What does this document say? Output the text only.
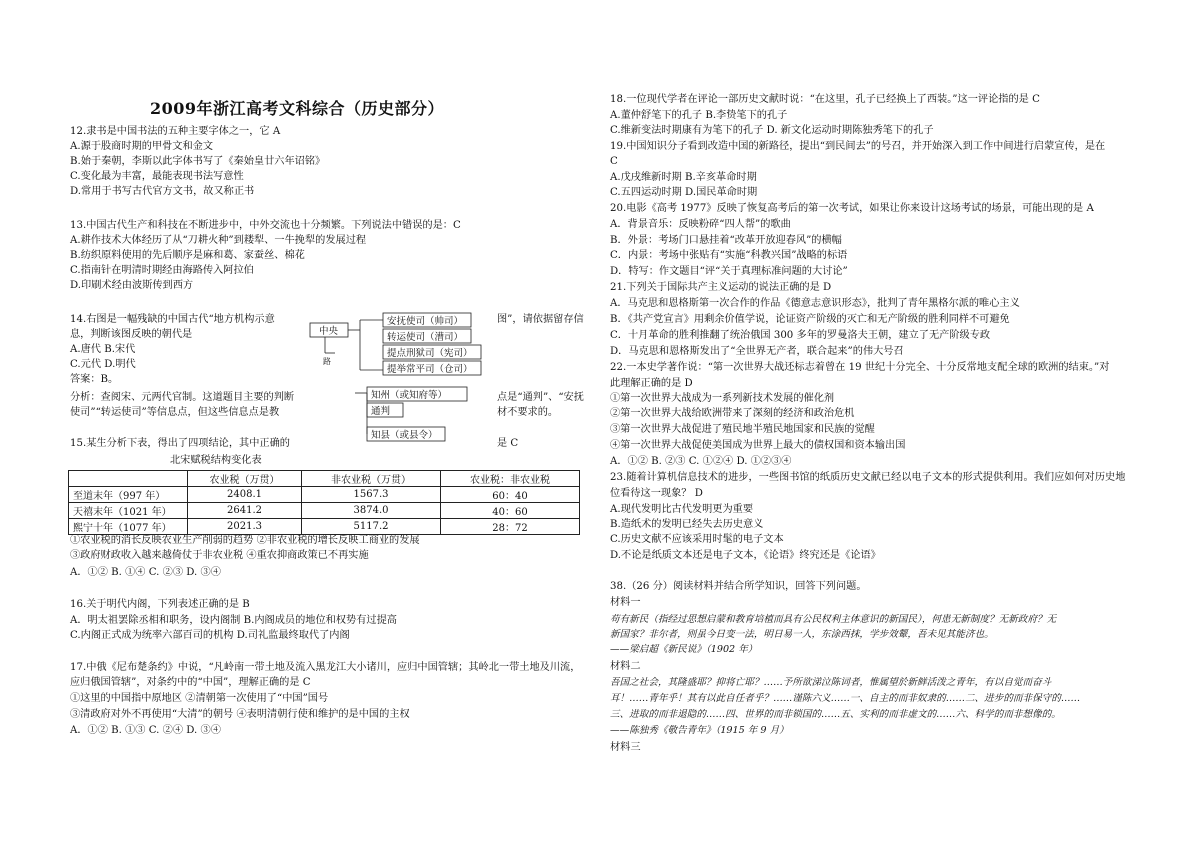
2009年浙江高考文科综合（历史部分）
12.隶书是中国书法的五种主要字体之一，它 A
A.源于股商时期的甲骨文和金文
B.始于秦朝，李斯以此字体书写了《秦始皇廿六年诏铭》
C.变化最为丰富，最能表现书法写意性
D.常用于书写古代官方文书，故又称正书
13.中国古代生产和科技在不断进步中，中外交流也十分频繁。下列说法中错误的是：C
A.耕作技术大体经历了从“刀耕火种”到耧犁、一牛挽犁的发展过程
B.纺织原料使用的先后顺序是麻和葛、家蚕丝、棉花
C.指南针在明清时期经由海路传入阿拉伯
D.印刷术经由波斯传到西方
14.右图是一幅残缺的中国古代“地方机构示意
息，判断该图反映的朝代是
A.唐代 B.宋代
C.元代 D.明代
答案：B。
分析：查阅宋、元两代官制。这道题目主要的判断
使司”“转运使司”等信息点，但这些信息点是教
15.某生分析下表，得出了四项结论，其中正确的
北宋赋税结构变化表
①农业税的消长反映农业生产削弱的趋势 ②非农业税的增长反映工商业的发展
③政府财政收入越来越倚仗于非农业税 ④重农抑商政策已不再实施
A．①② B. ①④ C. ②③ D. ③④
16.关于明代内阁，下列表述正确的是 B
A．明太祖罢除丞相和职务，设内阁制 B.内阁成员的地位和权势有过提高
C.内阁正式成为统率六部百司的机构 D.司礼监最终取代了内阁
17.中俄《尼布楚条约》中说，“凡岭南一带土地及流入黑龙江大小诸川，应归中国管辖；其岭北一带土地及川流，
应归俄国管辖”，对条约中的“中国”，理解正确的是 C
①这里的中国指中原地区 ②清朝第一次使用了“中国”国号
③清政府对外不再使用“大清”的朝号 ④表明清朝行使和维护的是中国的主权
A．①② B. ①③ C. ②④ D. ③④
图”，请依据留存信
点是“通判”、“安抚
材不要求的。
是 C
中央
路
安抚使司（帅司）
转运使司（漕司）
提点刑狱司（宪司）
提举常平司（仓司）
知州（或知府等）
通判
知县（或县令）
	农业税（万贯）	非农业税（万贯）	农业税：非农业税
至道末年（997 年）	2408.1	1567.3	60：40
天禧末年（1021 年）	2641.2	3874.0	40：60
熙宁十年（1077 年）	2021.3	5117.2	28：72
18.一位现代学者在评论一部历史文献时说：“在这里，孔子已经换上了西装。”这一评论指的是 C
A.董仲舒笔下的孔子 B.李贽笔下的孔子
C.维新变法时期康有为笔下的孔子 D. 新文化运动时期陈独秀笔下的孔子
19.中国知识分子看到改造中国的新路径，提出“到民间去”的号召，并开始深入到工作中间进行启蒙宣传，是在
C
A.戊戌维新时期 B.辛亥革命时期
C.五四运动时期 D.国民革命时期
20.电影《高考 1977》反映了恢复高考后的第一次考试，如果让你来设计这场考试的场景，可能出现的是 A
A．背景音乐：反映粉碎“四人帮”的歌曲
B．外景：考场门口悬挂着“改革开放迎春风”的横幅
C．内景：考场中张贴有“实施“科教兴国”战略的标语
D．特写：作文题目“评“关于真理标准问题的大讨论”
21.下列关于国际共产主义运动的说法正确的是 D
A．马克思和恩格斯第一次合作的作品《德意志意识形态》，批判了青年黑格尔派的唯心主义
B．《共产党宣言》用剩余价值学说，论证资产阶级的灭亡和无产阶级的胜利同样不可避免
C．十月革命的胜利推翻了统治俄国 300 多年的罗曼洛夫王朝，建立了无产阶级专政
D．马克思和恩格斯发出了“全世界无产者，联合起来”的伟大号召
22.一本史学著作说：“第一次世界大战还标志着曾在 19 世纪十分完全、十分反常地支配全球的欧洲的结束。”对
此理解正确的是 D
①第一次世界大战成为一系列新技术发展的催化剂
②第一次世界大战给欧洲带来了深刻的经济和政治危机
③第一次世界大战促进了殖民地半殖民地国家和民族的觉醒
④第一次世界大战促使美国成为世界上最大的债权国和资本输出国
A．①② B. ②③ C. ①②④ D. ①②③④
23.随着计算机信息技术的进步，一些图书馆的纸质历史文献已经以电子文本的形式提供利用。我们应如何对历史地
位看待这一现象？ D
A.现代发明比古代发明更为重要
B.造纸术的发明已经失去历史意义
C.历史文献不应该采用时髦的电子文本
D.不论是纸质文本还是电子文本，《论语》终究还是《论语》
38.（26 分）阅读材料并结合所学知识，回答下列问题。
材料一
苟有新民（指经过思想启蒙和教育培植而具有公民权利主体意识的新国民），何患无新制度？无新政府？无
新国家？非尔者，则虽今日变一法，明日易一人，东涂西抹，学步效颦，吾未见其能济也。
——梁启超《新民说》（1902 年）
材料二
吾国之社会，其隆盛耶？抑将亡耶？……予所欲涕泣陈词者，惟属望於新鲜活泼之青年，有以自觉而奋斗
耳！……青年乎！其有以此自任者乎？……谨陈六义……一、自主的而非奴隶的……二、进步的而非保守的……
三、进取的而非退隐的……四、世界的而非锁国的……五、实利的而非虚文的……六、科学的而非想像的。
——陈独秀《敬告青年》（1915 年 9 月）
材料三
